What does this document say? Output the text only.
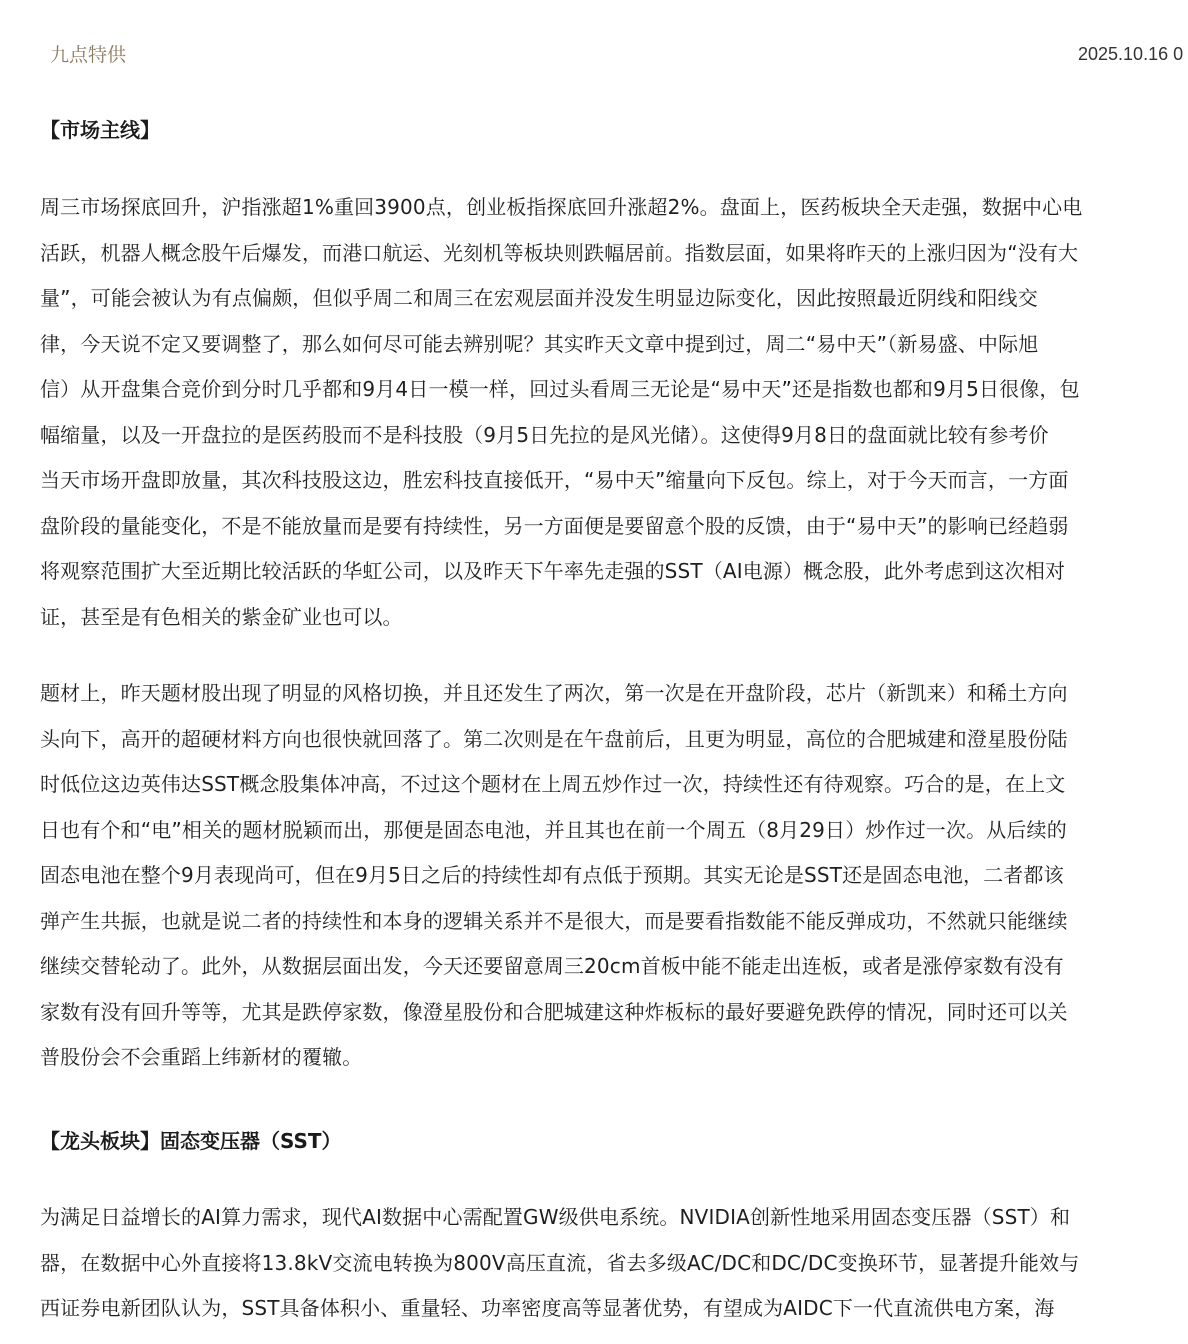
九点特供	2025.10.16 0
【市场主线】
周三市场探底回升，沪指涨超1%重回3900点，创业板指探底回升涨超2%。盘面上，医药板块全天走强，数据中心电
活跃，机器人概念股午后爆发，而港口航运、光刻机等板块则跌幅居前。指数层面，如果将昨天的上涨归因为“没有大
量”，可能会被认为有点偏颇，但似乎周二和周三在宏观层面并没发生明显边际变化，因此按照最近阴线和阳线交
律，今天说不定又要调整了，那么如何尽可能去辨别呢？其实昨天文章中提到过，周二“易中天”（新易盛、中际旭
信）从开盘集合竞价到分时几乎都和9月4日一模一样，回过头看周三无论是“易中天”还是指数也都和9月5日很像，包
幅缩量，以及一开盘拉的是医药股而不是科技股（9月5日先拉的是风光储）。这使得9月8日的盘面就比较有参考价
当天市场开盘即放量，其次科技股这边，胜宏科技直接低开，“易中天”缩量向下反包。综上，对于今天而言，一方面
盘阶段的量能变化，不是不能放量而是要有持续性，另一方面便是要留意个股的反馈，由于“易中天”的影响已经趋弱
将观察范围扩大至近期比较活跃的华虹公司，以及昨天下午率先走强的SST（AI电源）概念股，此外考虑到这次相对
证，甚至是有色相关的紫金矿业也可以。
题材上，昨天题材股出现了明显的风格切换，并且还发生了两次，第一次是在开盘阶段，芯片（新凯来）和稀土方向
头向下，高开的超硬材料方向也很快就回落了。第二次则是在午盘前后，且更为明显，高位的合肥城建和澄星股份陆
时低位这边英伟达SST概念股集体冲高，不过这个题材在上周五炒作过一次，持续性还有待观察。巧合的是，在上文
日也有个和“电”相关的题材脱颖而出，那便是固态电池，并且其也在前一个周五（8月29日）炒作过一次。从后续的
固态电池在整个9月表现尚可，但在9月5日之后的持续性却有点低于预期。其实无论是SST还是固态电池，二者都该
弹产生共振，也就是说二者的持续性和本身的逻辑关系并不是很大，而是要看指数能不能反弹成功，不然就只能继续
继续交替轮动了。此外，从数据层面出发，今天还要留意周三20cm首板中能不能走出连板，或者是涨停家数有没有
家数有没有回升等等，尤其是跌停家数，像澄星股份和合肥城建这种炸板标的最好要避免跌停的情况，同时还可以关
普股份会不会重蹈上纬新材的覆辙。
【龙头板块】固态变压器（SST）
为满足日益增长的AI算力需求，现代AI数据中心需配置GW级供电系统。NVIDIA创新性地采用固态变压器（SST）和
器，在数据中心外直接将13.8kV交流电转换为800V高压直流，省去多级AC/DC和DC/DC变换环节，显著提升能效与
西证券电新团队认为，SST具备体积小、重量轻、功率密度高等显著优势，有望成为AIDC下一代直流供电方案，海
